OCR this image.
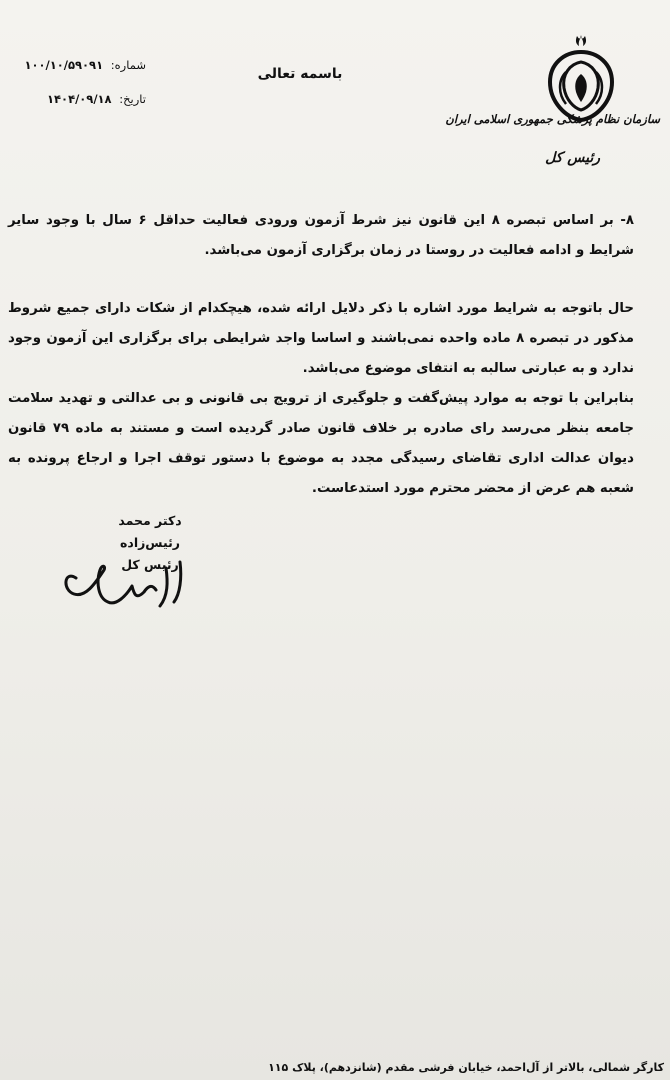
سازمان نظام پزشکی جمهوری اسلامی ایران
رئیس کل
باسمه تعالی
شماره: ۱۰۰/۱۰/۵۹۰۹۱
تاریخ: ۱۴۰۴/۰۹/۱۸

۸- بر اساس تبصره ۸ این قانون نیز شرط آزمون ورودی فعالیت حداقل ۶ سال با وجود سایر شرایط و ادامه فعالیت در روستا در زمان برگزاری آزمون می‌باشد.

حال باتوجه به شرایط مورد اشاره با ذکر دلایل ارائه شده، هیچکدام از شکات دارای جمیع شروط مذکور در تبصره ۸ ماده واحده نمی‌باشند و اساسا واجد شرایطی برای برگزاری این آزمون وجود ندارد و به عبارتی سالبه به انتفای موضوع می‌باشد.

بنابراین با توجه به موارد پیش‌گفت و جلوگیری از ترویج بی قانونی و بی عدالتی و تهدید سلامت جامعه بنظر می‌رسد رای صادره بر خلاف قانون صادر گردیده است و مستند به ماده ۷۹ قانون دیوان عدالت اداری تقاضای رسیدگی مجدد به موضوع با دستور توقف اجرا و ارجاع پرونده به شعبه هم عرض از محضر محترم مورد استدعاست.

دکتر محمد رئیس‌زاده
رئیس کل
کارگر شمالی، بالاتر از آل‌احمد، خیابان فرشی مقدم (شانزدهم)، پلاک ۱۱۵
